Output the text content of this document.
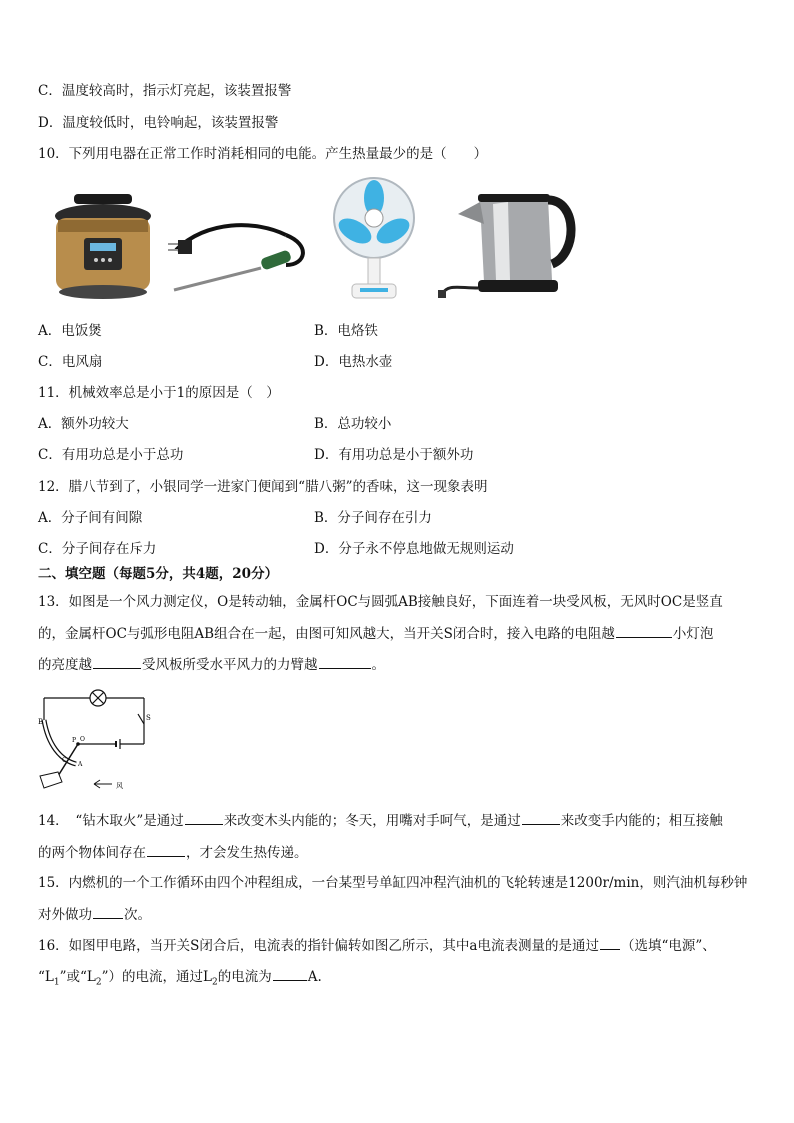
C．温度较高时，指示灯亮起，该装置报警
D．温度较低时，电铃响起，该装置报警
10．下列用电器在正常工作时消耗相同的电能。产生热量最少的是（　　）
A．电饭煲	B．电烙铁
C．电风扇	D．电热水壶
11．机械效率总是小于1的原因是（　）
A．额外功较大	B．总功较小
C．有用功总是小于总功	D．有用功总是小于额外功
12．腊八节到了，小银同学一进家门便闻到“腊八粥”的香味，这一现象表明
A．分子间有间隙	B．分子间存在引力
C．分子间存在斥力	D．分子永不停息地做无规则运动
二、填空题（每题5分，共4题，20分）
13．如图是一个风力测定仪，O是转动轴，金属杆OC与圆弧AB接触良好，下面连着一块受风板，无风时OC是竖直
的，金属杆OC与弧形电阻AB组合在一起，由图可知风越大，当开关S闭合时，接入电路的电阻越	小灯泡
的亮度越	受风板所受水平风力的力臂越	。
B	S
P O
C
A
风
14．　“钻木取火”是通过	来改变木头内能的；冬天，用嘴对手呵气，是通过	来改变手内能的；相互接触
的两个物体间存在	，才会发生热传递。
15．内燃机的一个工作循环由四个冲程组成，一台某型号单缸四冲程汽油机的飞轮转速是1200r/min，则汽油机每秒钟
对外做功 次。
16．如图甲电路，当开关S闭合后，电流表的指针偏转如图乙所示，其中a电流表测量的是通过 （选填“电源”、
“$L_1$”或“$L_2$”）的电流，通过$L_2$的电流为	A.
